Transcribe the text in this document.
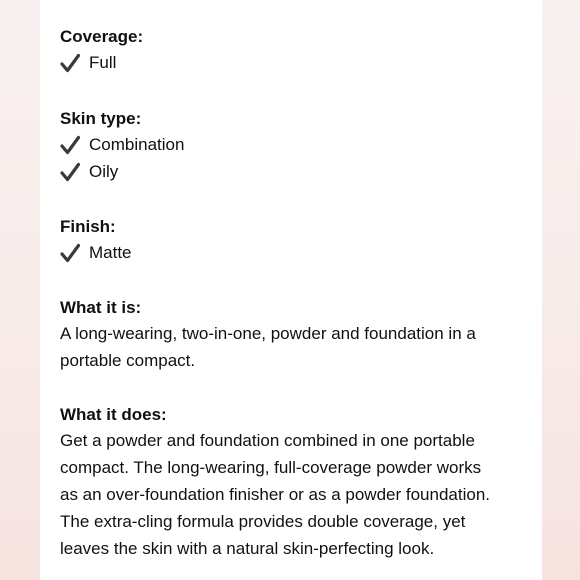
Coverage:
Full
Skin type:
Combination
Oily
Finish:
Matte
What it is:
A long-wearing, two-in-one, powder and foundation in a
portable compact.
What it does:
Get a powder and foundation combined in one portable
compact. The long-wearing, full-coverage powder works
as an over-foundation finisher or as a powder foundation.
The extra-cling formula provides double coverage, yet
leaves the skin with a natural skin-perfecting look.
